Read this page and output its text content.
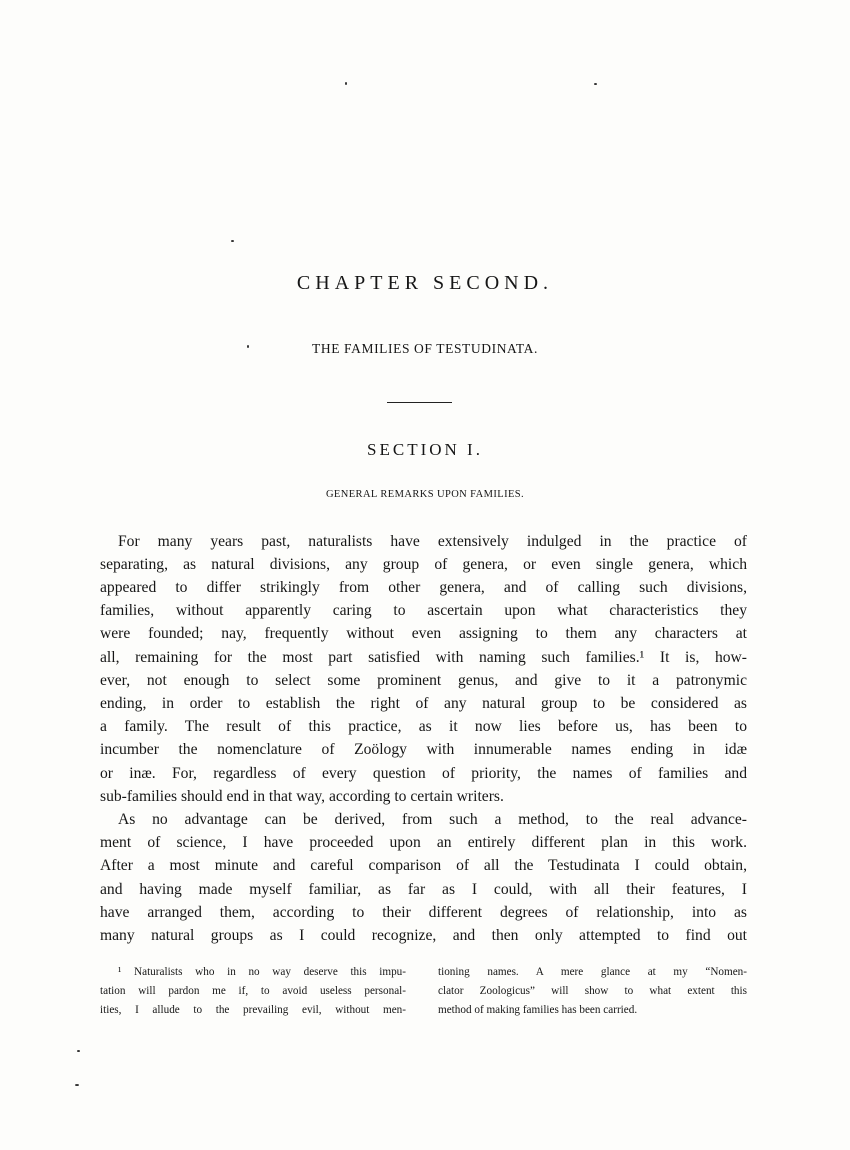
CHAPTER SECOND.
THE FAMILIES OF TESTUDINATA.
SECTION I.
GENERAL REMARKS UPON FAMILIES.
For many years past, naturalists have extensively indulged in the practice of
separating, as natural divisions, any group of genera, or even single genera, which
appeared to differ strikingly from other genera, and of calling such divisions,
families, without apparently caring to ascertain upon what characteristics they
were founded; nay, frequently without even assigning to them any characters at
all, remaining for the most part satisfied with naming such families.¹ It is, how-
ever, not enough to select some prominent genus, and give to it a patronymic
ending, in order to establish the right of any natural group to be considered as
a family. The result of this practice, as it now lies before us, has been to
incumber the nomenclature of Zoölogy with innumerable names ending in idæ
or inæ. For, regardless of every question of priority, the names of families and
sub-families should end in that way, according to certain writers.
As no advantage can be derived, from such a method, to the real advance-
ment of science, I have proceeded upon an entirely different plan in this work.
After a most minute and careful comparison of all the Testudinata I could obtain,
and having made myself familiar, as far as I could, with all their features, I
have arranged them, according to their different degrees of relationship, into as
many natural groups as I could recognize, and then only attempted to find out
¹ Naturalists who in no way deserve this impu-
tation will pardon me if, to avoid useless personal-
ities, I allude to the prevailing evil, without men-
tioning names. A mere glance at my “Nomen-
clator Zoologicus” will show to what extent this
method of making families has been carried.
